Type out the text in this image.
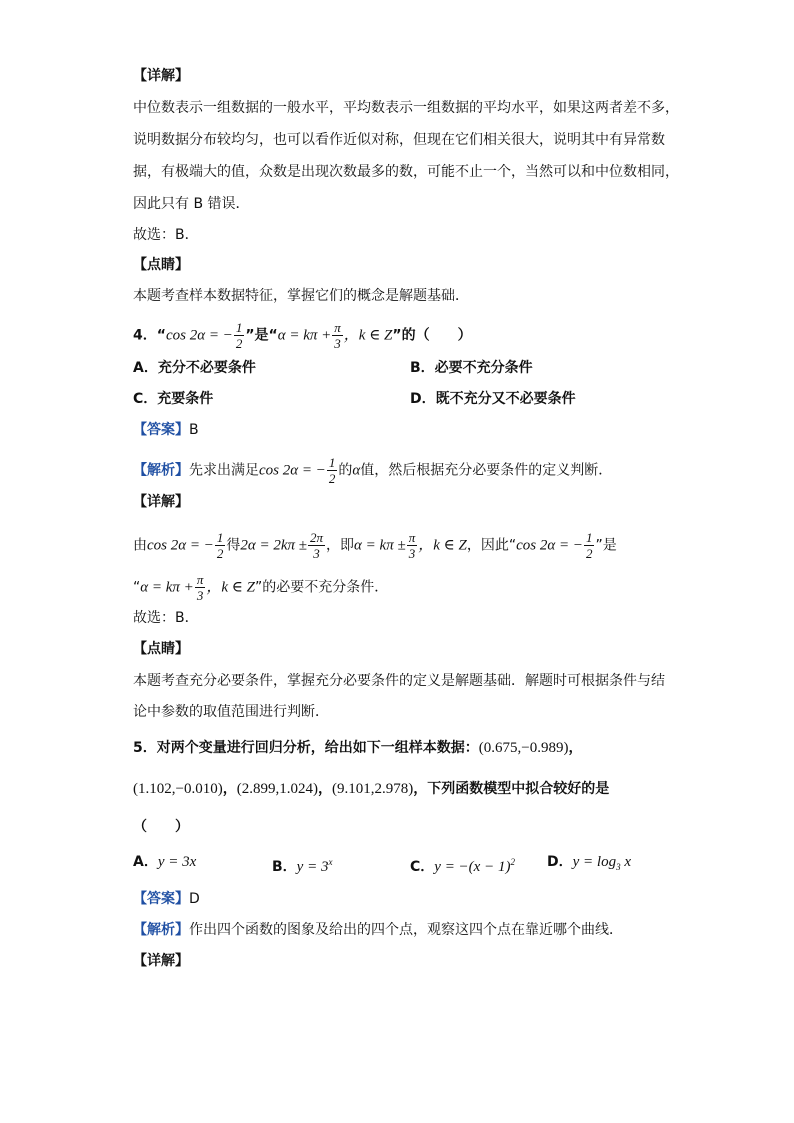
【详解】
中位数表示一组数据的一般水平，平均数表示一组数据的平均水平，如果这两者差不多，
说明数据分布较均匀，也可以看作近似对称，但现在它们相关很大，说明其中有异常数
据，有极端大的值，众数是出现次数最多的数，可能不止一个，当然可以和中位数相同，
因此只有 B 错误．
故选：B．
【点睛】
本题考查样本数据特征，掌握它们的概念是解题基础．
4．“cos 2α = − $\frac{1}{2}$ ”是“$\alpha = k\pi + \frac{\pi}{3}$ ，k ∈ Z”的（　　）
A．充分不必要条件	B．必要不充分条件
C．充要条件	D．既不充分又不必要条件
【答案】B
【解析】先求出满足cos 2α = − $\frac{1}{2}$ 的α值，然后根据充分必要条件的定义判断．
【详解】
由cos 2α = − $\frac{1}{2}$ 得$2\alpha = 2k\pi \pm \frac{2\pi}{3}$ ，即$\alpha = k\pi \pm \frac{\pi}{3}$ ，k ∈ Z，因此“cos 2α = − $\frac{1}{2}$ ”是
“$\alpha = k\pi + \frac{\pi}{3}$ ，k ∈ Z”的必要不充分条件．
故选：B．
【点睛】
本题考查充分必要条件，掌握充分必要条件的定义是解题基础．解题时可根据条件与结
论中参数的取值范围进行判断．
5．对两个变量进行回归分析，给出如下一组样本数据：(0.675,−0.989)，
(1.102,−0.010)，(2.899,1.024)，(9.101,2.978)，下列函数模型中拟合较好的是
（　　）
A．y = 3x	B．$y = 3^x$	C．$y = -(x - 1)^2$ D．$y = \log_3 x$
【答案】D
【解析】作出四个函数的图象及给出的四个点，观察这四个点在靠近哪个曲线．
【详解】
